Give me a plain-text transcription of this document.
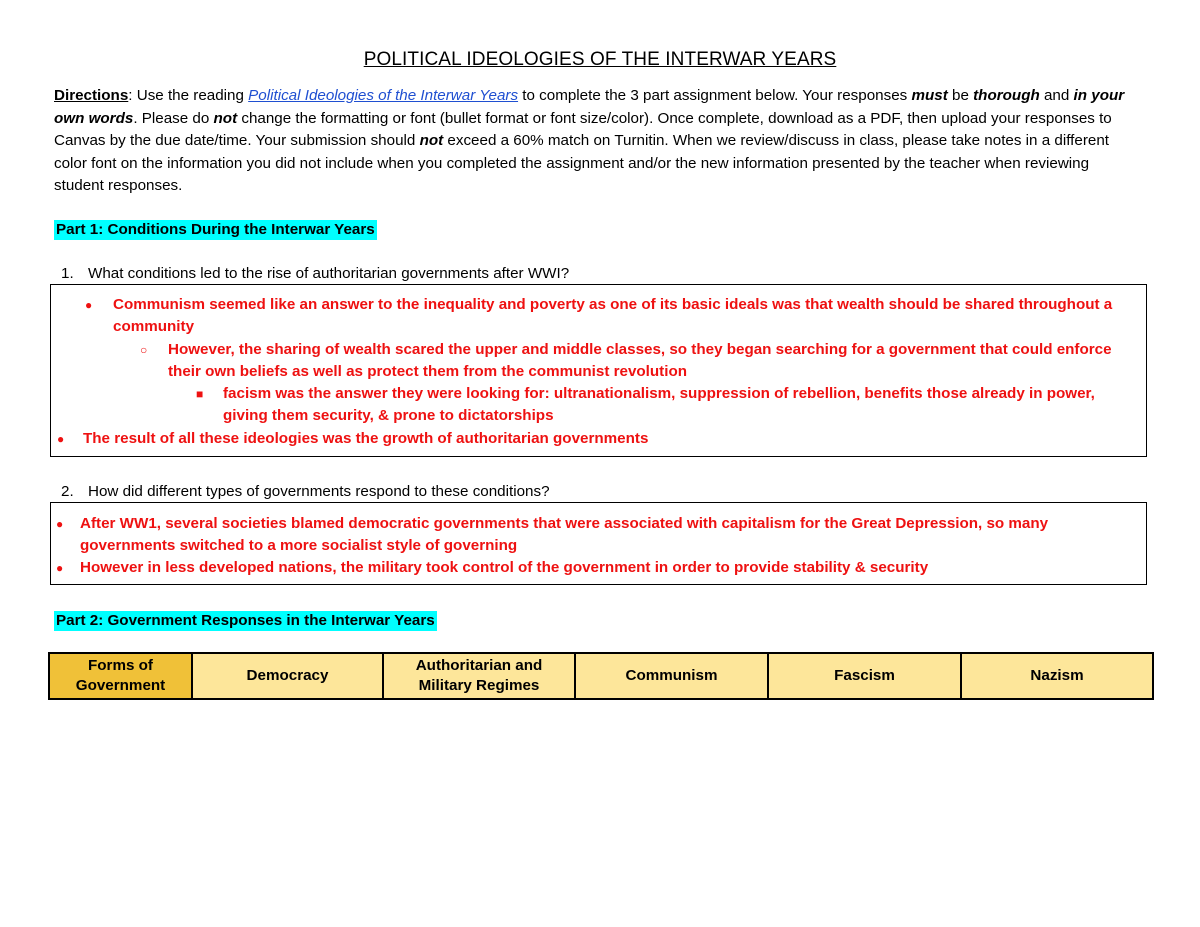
POLITICAL IDEOLOGIES OF THE INTERWAR YEARS
Directions: Use the reading Political Ideologies of the Interwar Years to complete the 3 part assignment below. Your responses must be thorough and in your own words. Please do not change the formatting or font (bullet format or font size/color). Once complete, download as a PDF, then upload your responses to Canvas by the due date/time. Your submission should not exceed a 60% match on Turnitin. When we review/discuss in class, please take notes in a different color font on the information you did not include when you completed the assignment and/or the new information presented by the teacher when reviewing student responses.
Part 1: Conditions During the Interwar Years
1. What conditions led to the rise of authoritarian governments after WWI?
● Communism seemed like an answer to the inequality and poverty as one of its basic ideals was that wealth should be shared throughout a community
○ However, the sharing of wealth scared the upper and middle classes, so they began searching for a government that could enforce their own beliefs as well as protect them from the communist revolution
■ facism was the answer they were looking for: ultranationalism, suppression of rebellion, benefits those already in power, giving them security, & prone to dictatorships
● The result of all these ideologies was the growth of authoritarian governments
2. How did different types of governments respond to these conditions?
● After WW1, several societies blamed democratic governments that were associated with capitalism for the Great Depression, so many governments switched to a more socialist style of governing
● However in less developed nations, the military took control of the government in order to provide stability & security
Part 2: Government Responses in the Interwar Years
Forms of Government	Democracy	Authoritarian and Military Regimes	Communism	Fascism	Nazism
